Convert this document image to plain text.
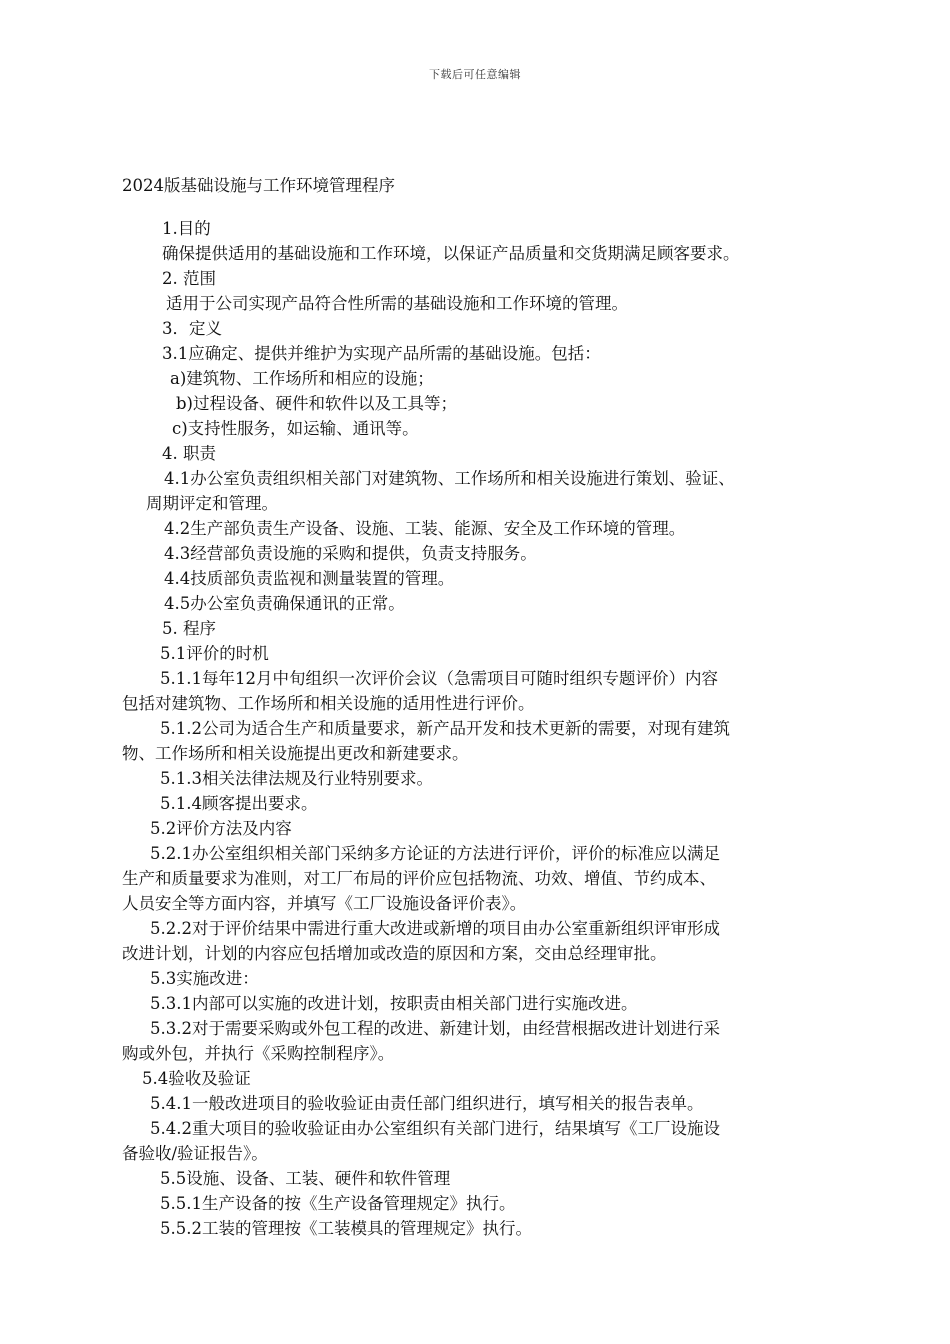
下载后可任意编辑
2024版基础设施与工作环境管理程序
1.目的
确保提供适用的基础设施和工作环境，以保证产品质量和交货期满足顾客要求。
2. 范围
适用于公司实现产品符合性所需的基础设施和工作环境的管理。
3．定义
3.1应确定、提供并维护为实现产品所需的基础设施。包括：
a)建筑物、工作场所和相应的设施；
b)过程设备、硬件和软件以及工具等；
c)支持性服务，如运输、通讯等。
4. 职责
4.1办公室负责组织相关部门对建筑物、工作场所和相关设施进行策划、验证、
周期评定和管理。
4.2生产部负责生产设备、设施、工装、能源、安全及工作环境的管理。
4.3经营部负责设施的采购和提供，负责支持服务。
4.4技质部负责监视和测量装置的管理。
4.5办公室负责确保通讯的正常。
5. 程序
5.1评价的时机
5.1.1每年12月中旬组织一次评价会议（急需项目可随时组织专题评价）内容
包括对建筑物、工作场所和相关设施的适用性进行评价。
5.1.2公司为适合生产和质量要求，新产品开发和技术更新的需要，对现有建筑
物、工作场所和相关设施提出更改和新建要求。
5.1.3相关法律法规及行业特别要求。
5.1.4顾客提出要求。
5.2评价方法及内容
5.2.1办公室组织相关部门采纳多方论证的方法进行评价，评价的标准应以满足
生产和质量要求为准则，对工厂布局的评价应包括物流、功效、增值、节约成本、
人员安全等方面内容，并填写《工厂设施设备评价表》。
5.2.2对于评价结果中需进行重大改进或新增的项目由办公室重新组织评审形成
改进计划，计划的内容应包括增加或改造的原因和方案，交由总经理审批。
5.3实施改进：
5.3.1内部可以实施的改进计划，按职责由相关部门进行实施改进。
5.3.2对于需要采购或外包工程的改进、新建计划，由经营根据改进计划进行采
购或外包，并执行《采购控制程序》。
5.4验收及验证
5.4.1一般改进项目的验收验证由责任部门组织进行，填写相关的报告表单。
5.4.2重大项目的验收验证由办公室组织有关部门进行，结果填写《工厂设施设
备验收/验证报告》。
5.5设施、设备、工装、硬件和软件管理
5.5.1生产设备的按《生产设备管理规定》执行。
5.5.2工装的管理按《工装模具的管理规定》执行。
